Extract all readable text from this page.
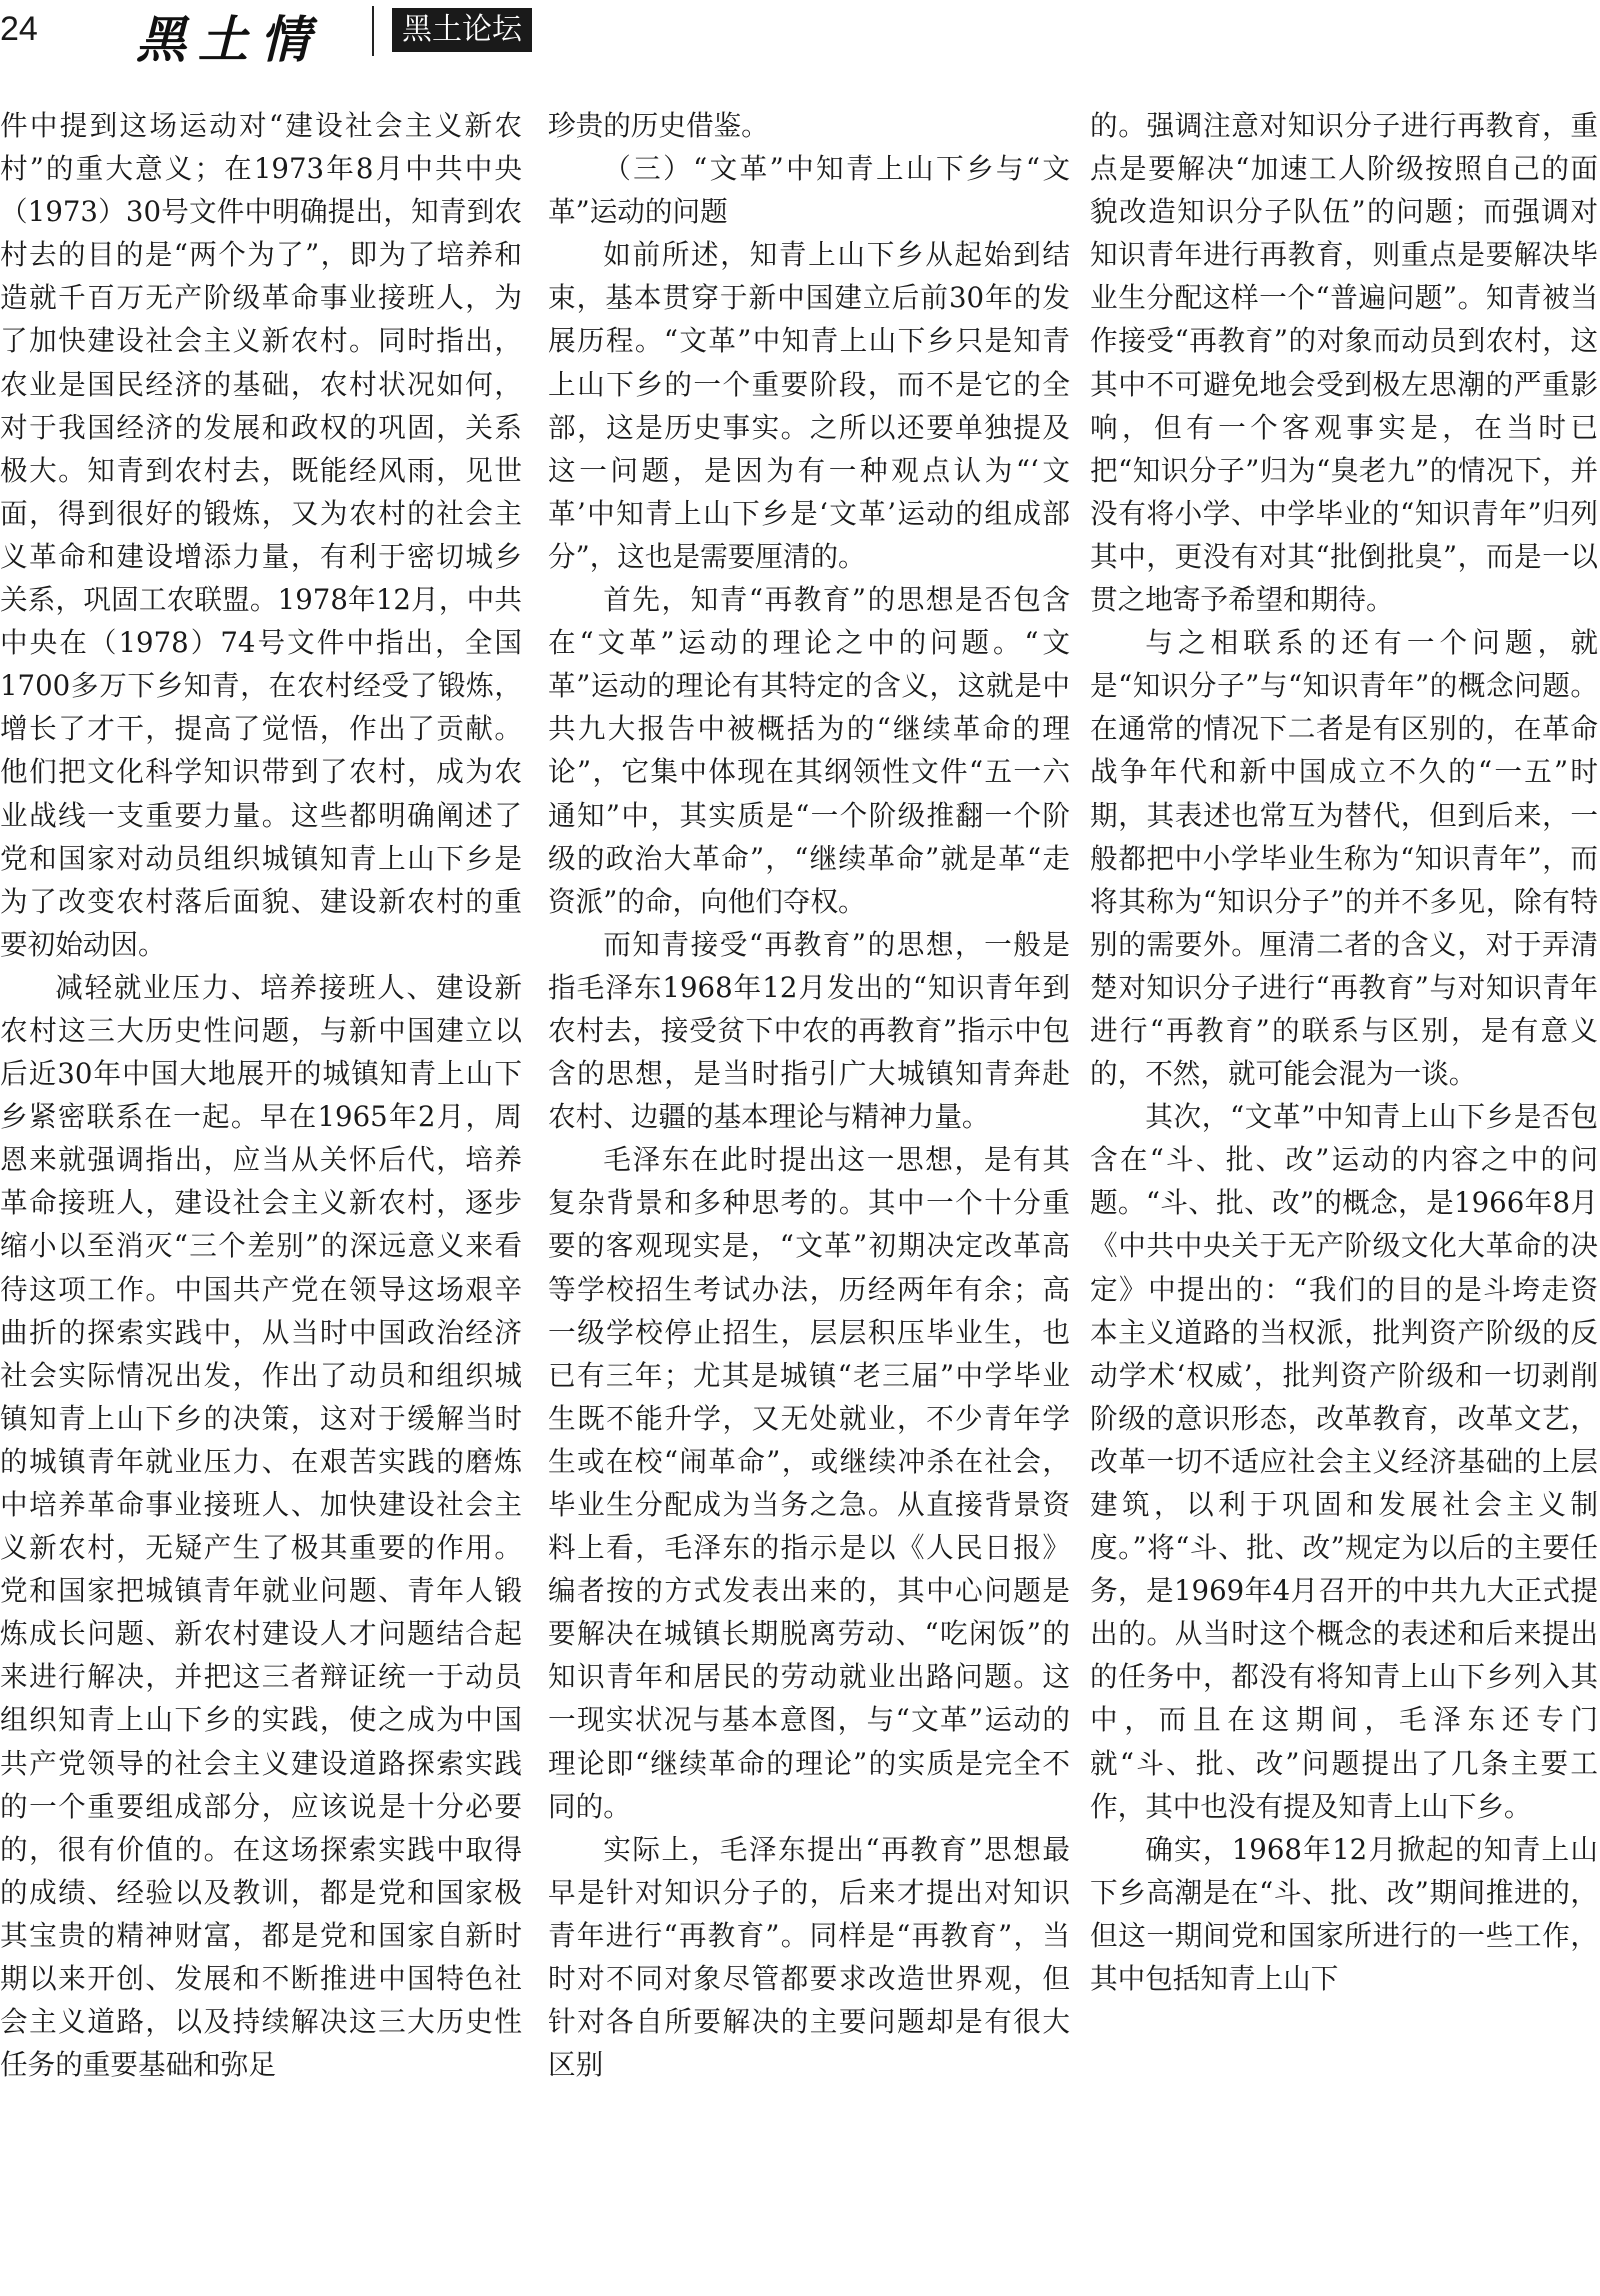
24 黑土情	黑土论坛

件中提到这场运动对“建设社会主义新农村”的重大意义；在1973年8月中共中央（1973）30号文件中明确提出，知青到农村去的目的是“两个为了”，即为了培养和造就千百万无产阶级革命事业接班人，为了加快建设社会主义新农村。同时指出，农业是国民经济的基础，农村状况如何，对于我国经济的发展和政权的巩固，关系极大。知青到农村去，既能经风雨，见世面，得到很好的锻炼，又为农村的社会主义革命和建设增添力量，有利于密切城乡关系，巩固工农联盟。1978年12月，中共中央在（1978）74号文件中指出，全国1700多万下乡知青，在农村经受了锻炼，增长了才干，提高了觉悟，作出了贡献。他们把文化科学知识带到了农村，成为农业战线一支重要力量。这些都明确阐述了党和国家对动员组织城镇知青上山下乡是为了改变农村落后面貌、建设新农村的重要初始动因。

减轻就业压力、培养接班人、建设新农村这三大历史性问题，与新中国建立以后近30年中国大地展开的城镇知青上山下乡紧密联系在一起。早在1965年2月，周恩来就强调指出，应当从关怀后代，培养革命接班人，建设社会主义新农村，逐步缩小以至消灭“三个差别”的深远意义来看待这项工作。中国共产党在领导这场艰辛曲折的探索实践中，从当时中国政治经济社会实际情况出发，作出了动员和组织城镇知青上山下乡的决策，这对于缓解当时的城镇青年就业压力、在艰苦实践的磨炼中培养革命事业接班人、加快建设社会主义新农村，无疑产生了极其重要的作用。党和国家把城镇青年就业问题、青年人锻炼成长问题、新农村建设人才问题结合起来进行解决，并把这三者辩证统一于动员组织知青上山下乡的实践，使之成为中国共产党领导的社会主义建设道路探索实践的一个重要组成部分，应该说是十分必要的，很有价值的。在这场探索实践中取得的成绩、经验以及教训，都是党和国家极其宝贵的精神财富，都是党和国家自新时期以来开创、发展和不断推进中国特色社会主义道路，以及持续解决这三大历史性任务的重要基础和弥足

珍贵的历史借鉴。

（三）“文革”中知青上山下乡与“文革”运动的问题

如前所述，知青上山下乡从起始到结束，基本贯穿于新中国建立后前30年的发展历程。“文革”中知青上山下乡只是知青上山下乡的一个重要阶段，而不是它的全部，这是历史事实。之所以还要单独提及这一问题，是因为有一种观点认为“‘文革’中知青上山下乡是‘文革’运动的组成部分”，这也是需要厘清的。

首先，知青“再教育”的思想是否包含在“文革”运动的理论之中的问题。“文革”运动的理论有其特定的含义，这就是中共九大报告中被概括为的“继续革命的理论”，它集中体现在其纲领性文件“五一六通知”中，其实质是“一个阶级推翻一个阶级的政治大革命”，“继续革命”就是革“走资派”的命，向他们夺权。

而知青接受“再教育”的思想，一般是指毛泽东1968年12月发出的“知识青年到农村去，接受贫下中农的再教育”指示中包含的思想，是当时指引广大城镇知青奔赴农村、边疆的基本理论与精神力量。

毛泽东在此时提出这一思想，是有其复杂背景和多种思考的。其中一个十分重要的客观现实是，“文革”初期决定改革高等学校招生考试办法，历经两年有余；高一级学校停止招生，层层积压毕业生，也已有三年；尤其是城镇“老三届”中学毕业生既不能升学，又无处就业，不少青年学生或在校“闹革命”，或继续冲杀在社会，毕业生分配成为当务之急。从直接背景资料上看，毛泽东的指示是以《人民日报》编者按的方式发表出来的，其中心问题是要解决在城镇长期脱离劳动、“吃闲饭”的知识青年和居民的劳动就业出路问题。这一现实状况与基本意图，与“文革”运动的理论即“继续革命的理论”的实质是完全不同的。

实际上，毛泽东提出“再教育”思想最早是针对知识分子的，后来才提出对知识青年进行“再教育”。同样是“再教育”，当时对不同对象尽管都要求改造世界观，但针对各自所要解决的主要问题却是有很大区别

的。强调注意对知识分子进行再教育，重点是要解决“加速工人阶级按照自己的面貌改造知识分子队伍”的问题；而强调对知识青年进行再教育，则重点是要解决毕业生分配这样一个“普遍问题”。知青被当作接受“再教育”的对象而动员到农村，这其中不可避免地会受到极左思潮的严重影响，但有一个客观事实是，在当时已把“知识分子”归为“臭老九”的情况下，并没有将小学、中学毕业的“知识青年”归列其中，更没有对其“批倒批臭”，而是一以贯之地寄予希望和期待。

与之相联系的还有一个问题，就是“知识分子”与“知识青年”的概念问题。在通常的情况下二者是有区别的，在革命战争年代和新中国成立不久的“一五”时期，其表述也常互为替代，但到后来，一般都把中小学毕业生称为“知识青年”，而将其称为“知识分子”的并不多见，除有特别的需要外。厘清二者的含义，对于弄清楚对知识分子进行“再教育”与对知识青年进行“再教育”的联系与区别，是有意义的，不然，就可能会混为一谈。

其次，“文革”中知青上山下乡是否包含在“斗、批、改”运动的内容之中的问题。“斗、批、改”的概念，是1966年8月《中共中央关于无产阶级文化大革命的决定》中提出的：“我们的目的是斗垮走资本主义道路的当权派，批判资产阶级的反动学术‘权威’，批判资产阶级和一切剥削阶级的意识形态，改革教育，改革文艺，改革一切不适应社会主义经济基础的上层建筑，以利于巩固和发展社会主义制度。”将“斗、批、改”规定为以后的主要任务，是1969年4月召开的中共九大正式提出的。从当时这个概念的表述和后来提出的任务中，都没有将知青上山下乡列入其中，而且在这期间，毛泽东还专门就“斗、批、改”问题提出了几条主要工作，其中也没有提及知青上山下乡。

确实，1968年12月掀起的知青上山下乡高潮是在“斗、批、改”期间推进的，但这一期间党和国家所进行的一些工作，其中包括知青上山下
